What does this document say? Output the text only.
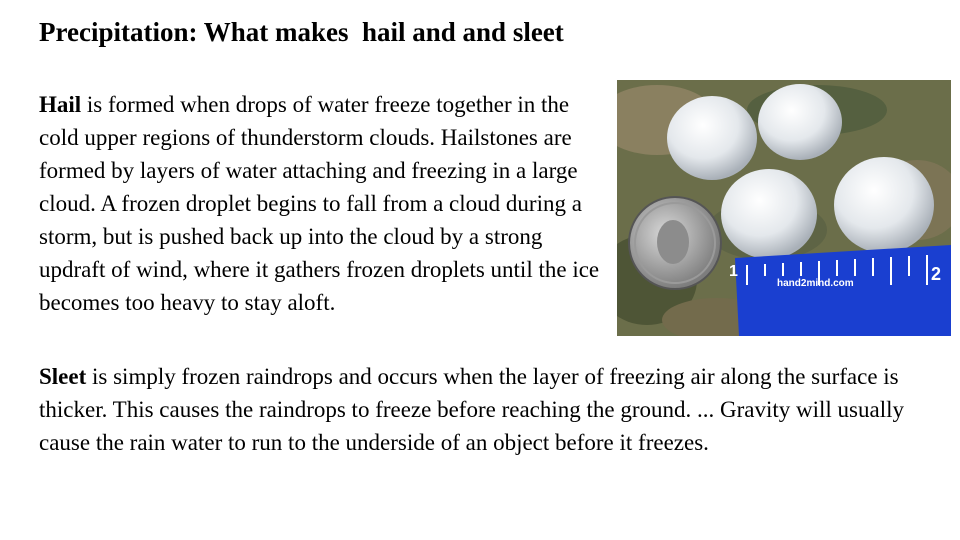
Precipitation: What makes  hail and and sleet

Hail is formed when drops of water freeze together in the cold upper regions of thunderstorm clouds. Hailstones are formed by layers of water attaching and freezing in a large cloud. A frozen droplet begins to fall from a cloud during a storm, but is pushed back up into the cloud by a strong updraft of wind, where it gathers frozen droplets until the ice becomes too heavy to stay aloft.

hand2mind.com
1	2

Sleet is simply frozen raindrops and occurs when the layer of freezing air along the surface is thicker. This causes the raindrops to freeze before reaching the ground. ... Gravity will usually cause the rain water to run to the underside of an object before it freezes.
